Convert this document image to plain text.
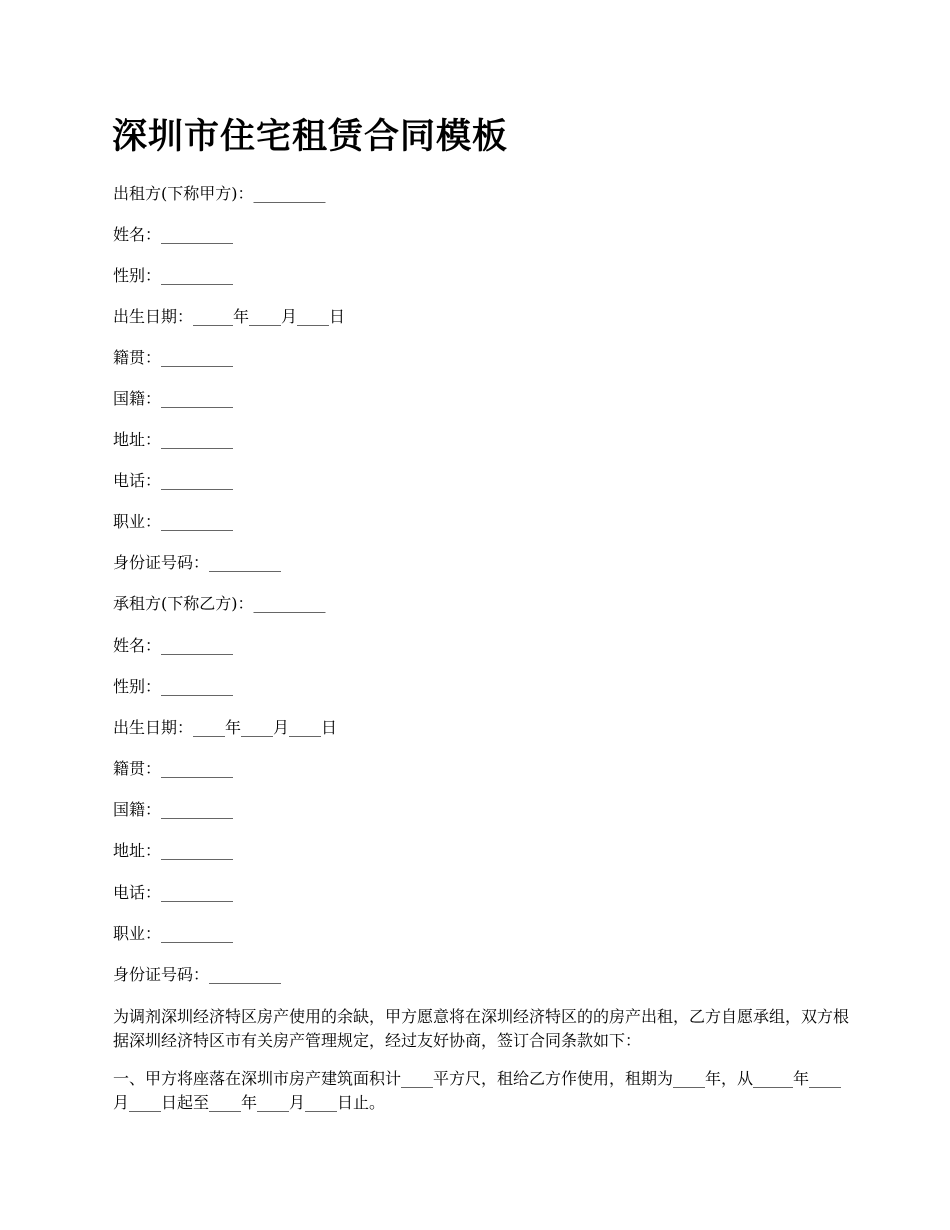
深圳市住宅租赁合同模板

出租方(下称甲方)：_________

姓名：_________

性别：_________

出生日期：_____年____月____日

籍贯：_________

国籍：_________

地址：_________

电话：_________

职业：_________

身份证号码：_________

承租方(下称乙方)：_________

姓名：_________

性别：_________

出生日期：____年____月____日

籍贯：_________

国籍：_________

地址：_________

电话：_________

职业：_________

身份证号码：_________

为调剂深圳经济特区房产使用的余缺，甲方愿意将在深圳经济特区的的房产出租，乙方自愿承组，双方根据深圳经济特区市有关房产管理规定，经过友好协商，签订合同条款如下：

一、甲方将座落在深圳市房产建筑面积计____平方尺，租给乙方作使用，租期为____年，从_____年____月____日起至____年____月____日止。
